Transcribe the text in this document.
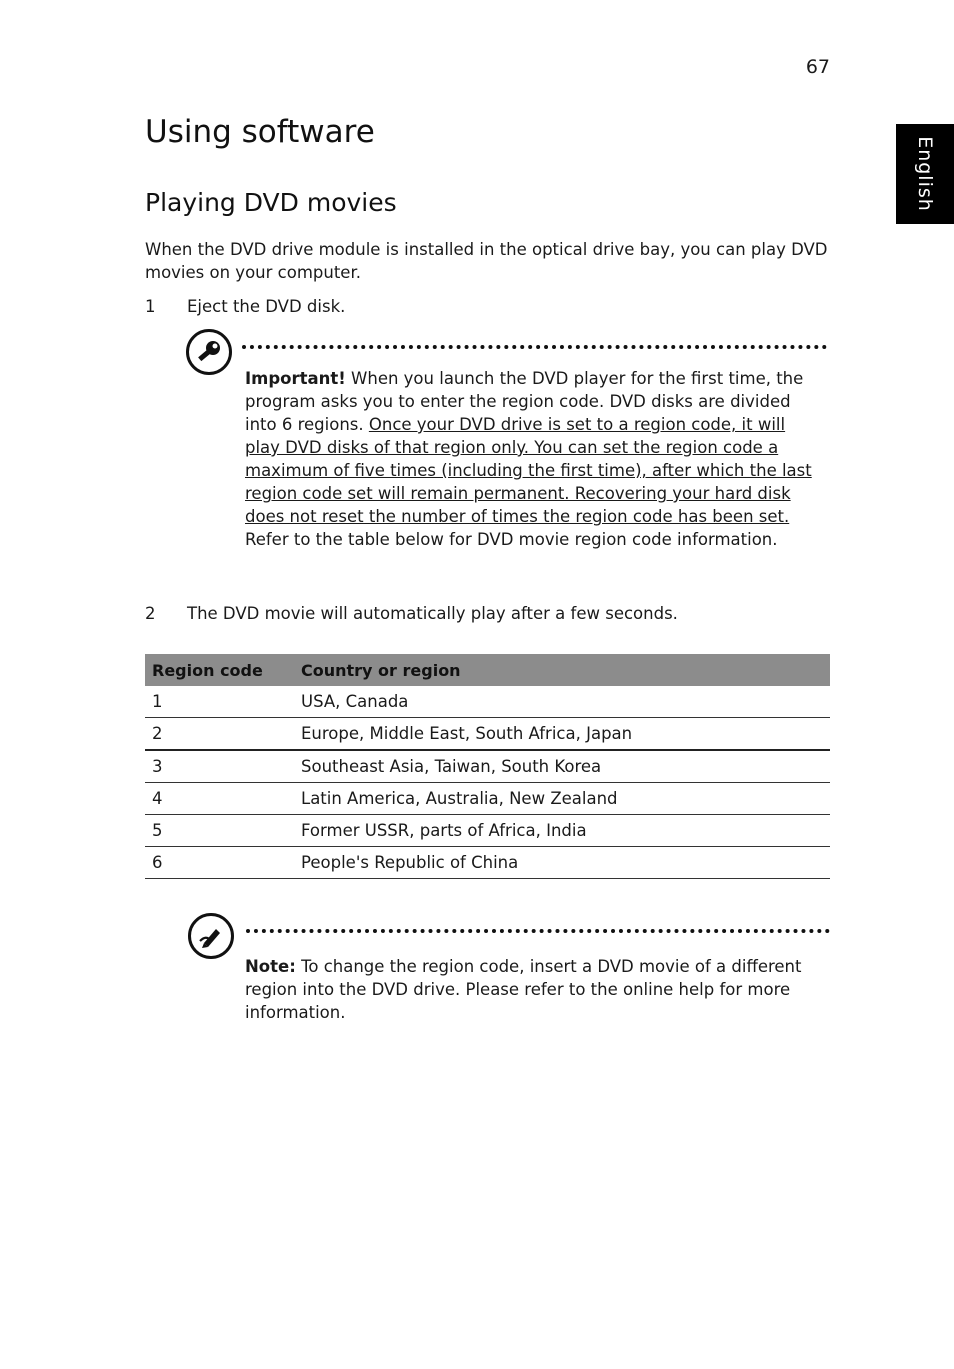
67
English
Using software
Playing DVD movies
When the DVD drive module is installed in the optical drive bay, you can play DVD movies on your computer.
1 Eject the DVD disk.
Important! When you launch the DVD player for the first time, the program asks you to enter the region code. DVD disks are divided into 6 regions. Once your DVD drive is set to a region code, it will play DVD disks of that region only. You can set the region code a maximum of five times (including the first time), after which the last region code set will remain permanent. Recovering your hard disk does not reset the number of times the region code has been set. Refer to the table below for DVD movie region code information.
2 The DVD movie will automatically play after a few seconds.
Region code	Country or region
1	USA, Canada
2	Europe, Middle East, South Africa, Japan
3	Southeast Asia, Taiwan, South Korea
4	Latin America, Australia, New Zealand
5	Former USSR, parts of Africa, India
6	People's Republic of China
Note: To change the region code, insert a DVD movie of a different region into the DVD drive. Please refer to the online help for more information.
